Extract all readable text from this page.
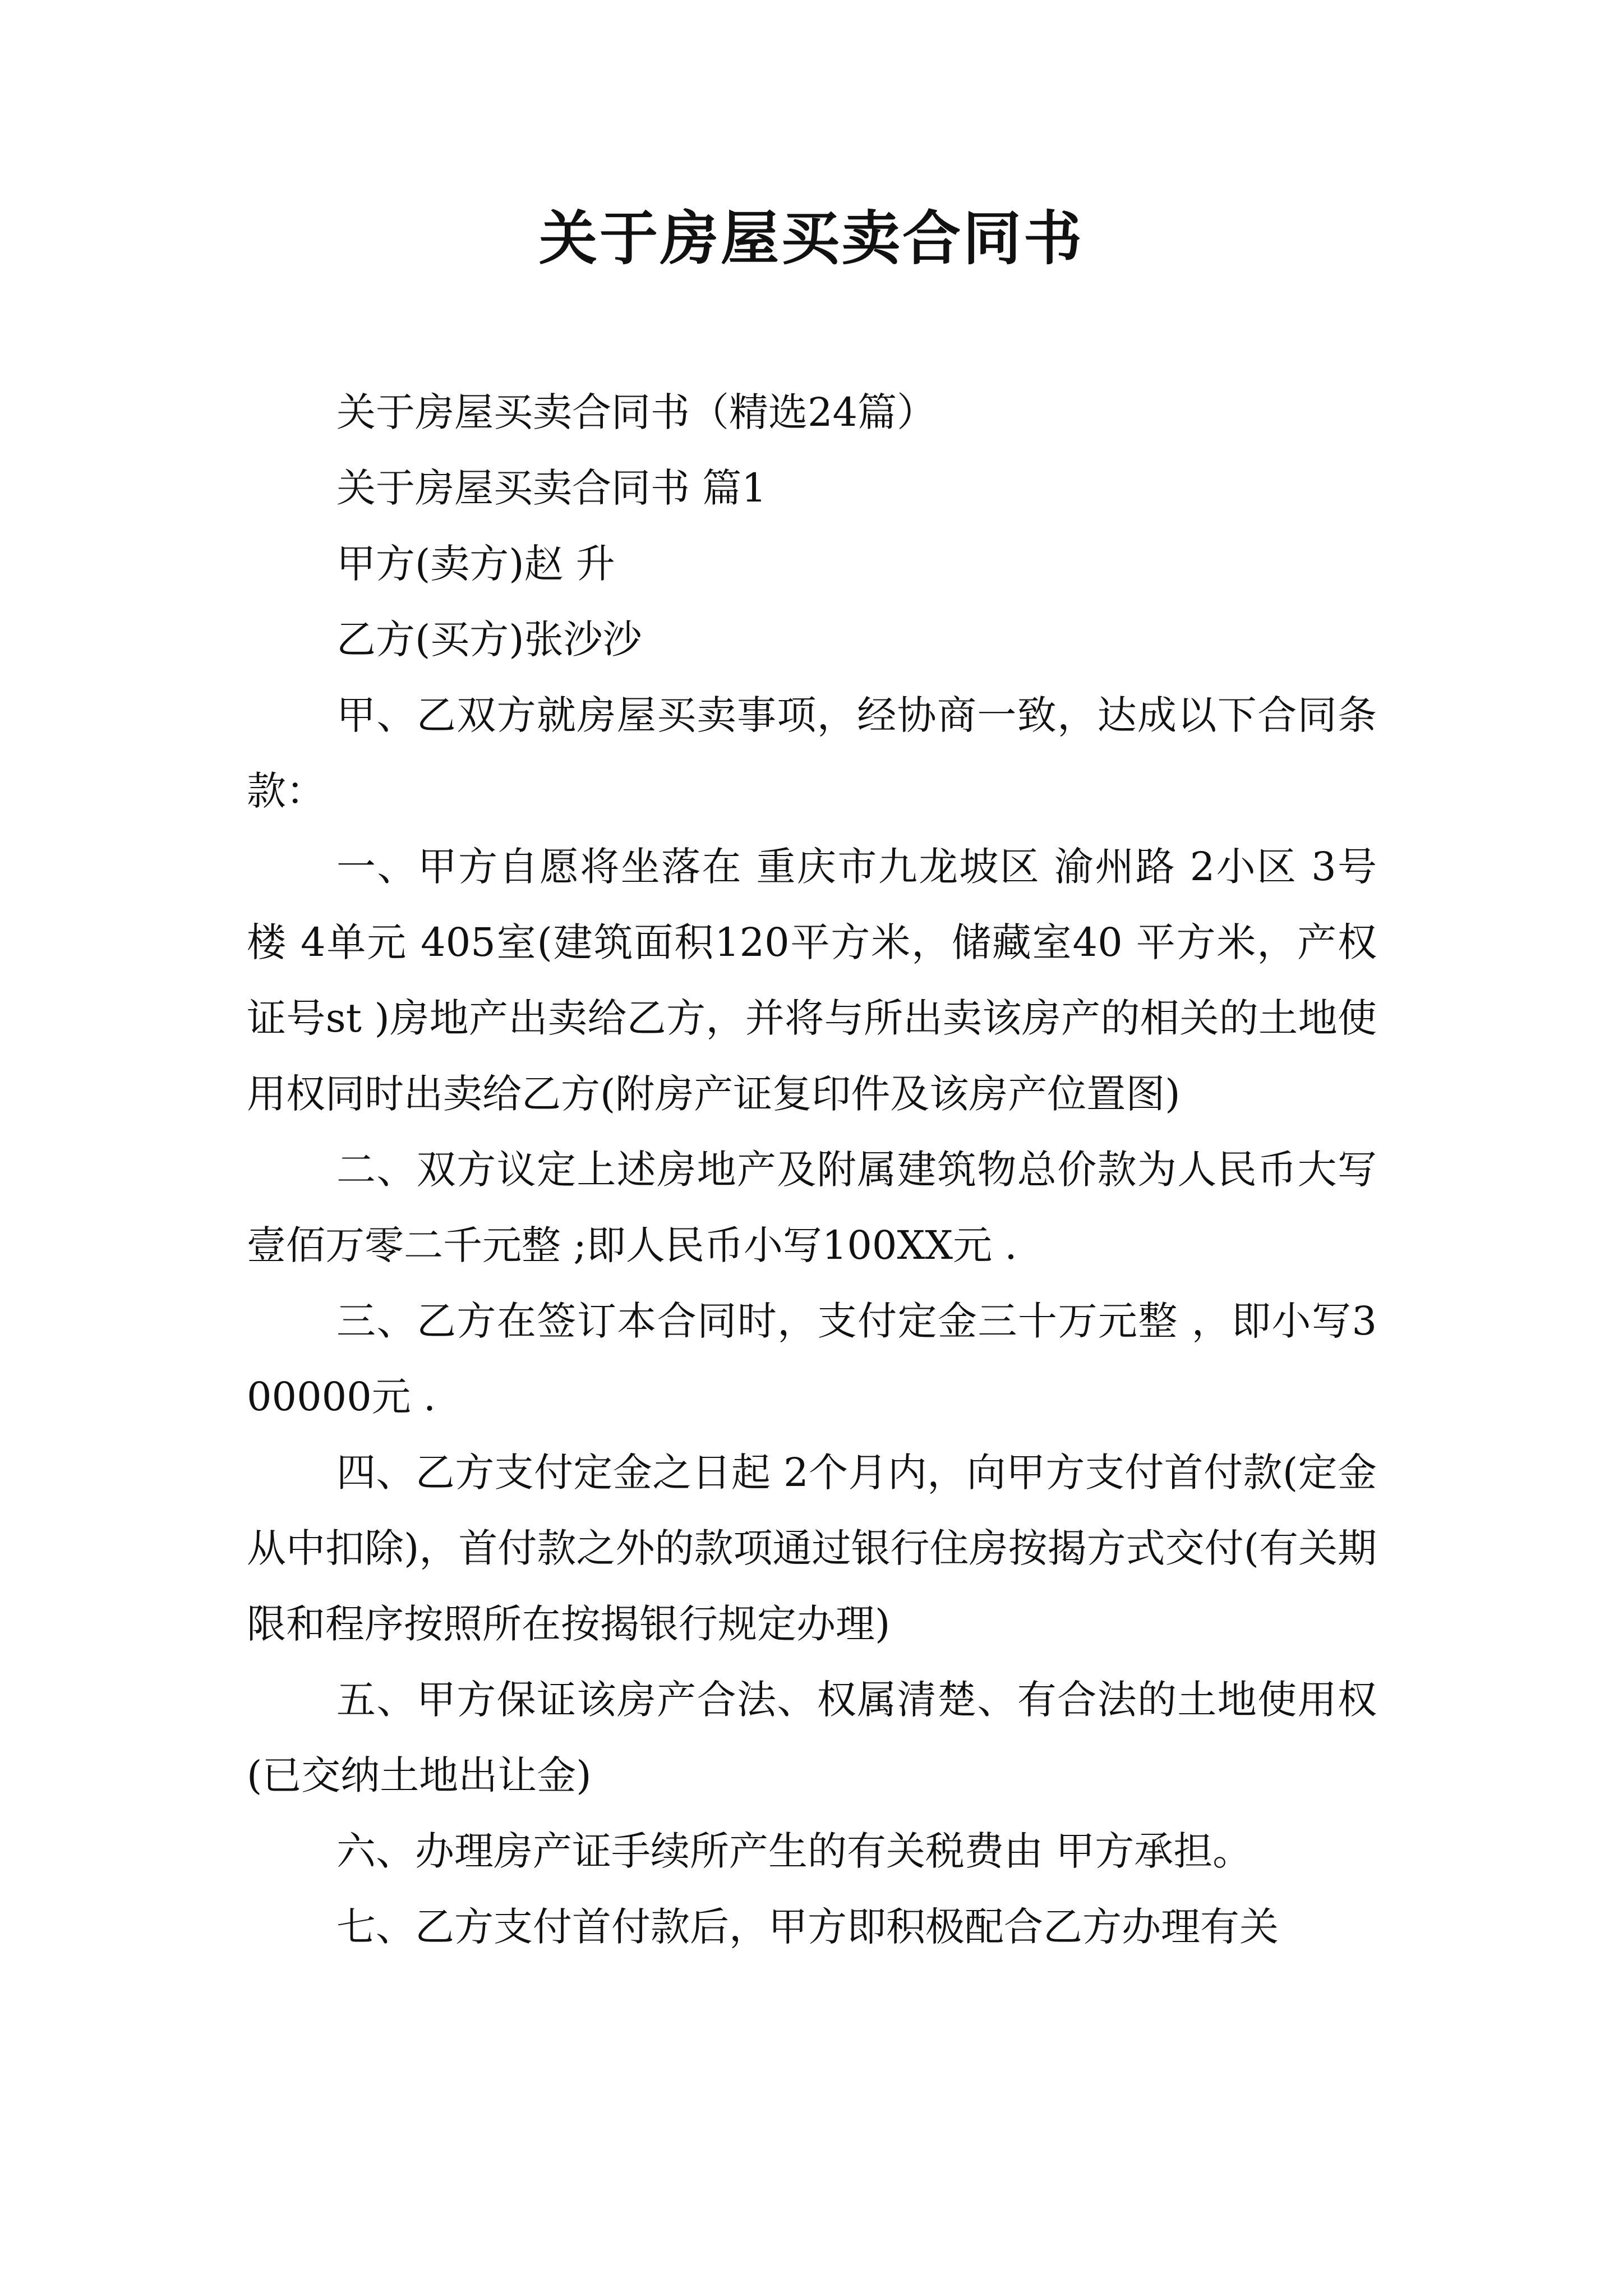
关于房屋买卖合同书

关于房屋买卖合同书（精选24篇）

关于房屋买卖合同书 篇1

甲方(卖方)赵 升

乙方(买方)张沙沙

甲、乙双方就房屋买卖事项，经协商一致，达成以下合同条款：

一、甲方自愿将坐落在 重庆市九龙坡区 渝州路 2小区 3号楼 4单元 405室(建筑面积120平方米，储藏室40 平方米，产权证号st )房地产出卖给乙方，并将与所出卖该房产的相关的土地使用权同时出卖给乙方(附房产证复印件及该房产位置图)

二、双方议定上述房地产及附属建筑物总价款为人民币大写壹佰万零二千元整 ;即人民币小写100XX元 .

三、乙方在签订本合同时，支付定金三十万元整 ，即小写300000元 .

四、乙方支付定金之日起 2个月内，向甲方支付首付款(定金从中扣除)，首付款之外的款项通过银行住房按揭方式交付(有关期限和程序按照所在按揭银行规定办理)

五、甲方保证该房产合法、权属清楚、有合法的土地使用权(已交纳土地出让金)

六、办理房产证手续所产生的有关税费由 甲方承担。

七、乙方支付首付款后，甲方即积极配合乙方办理有关
